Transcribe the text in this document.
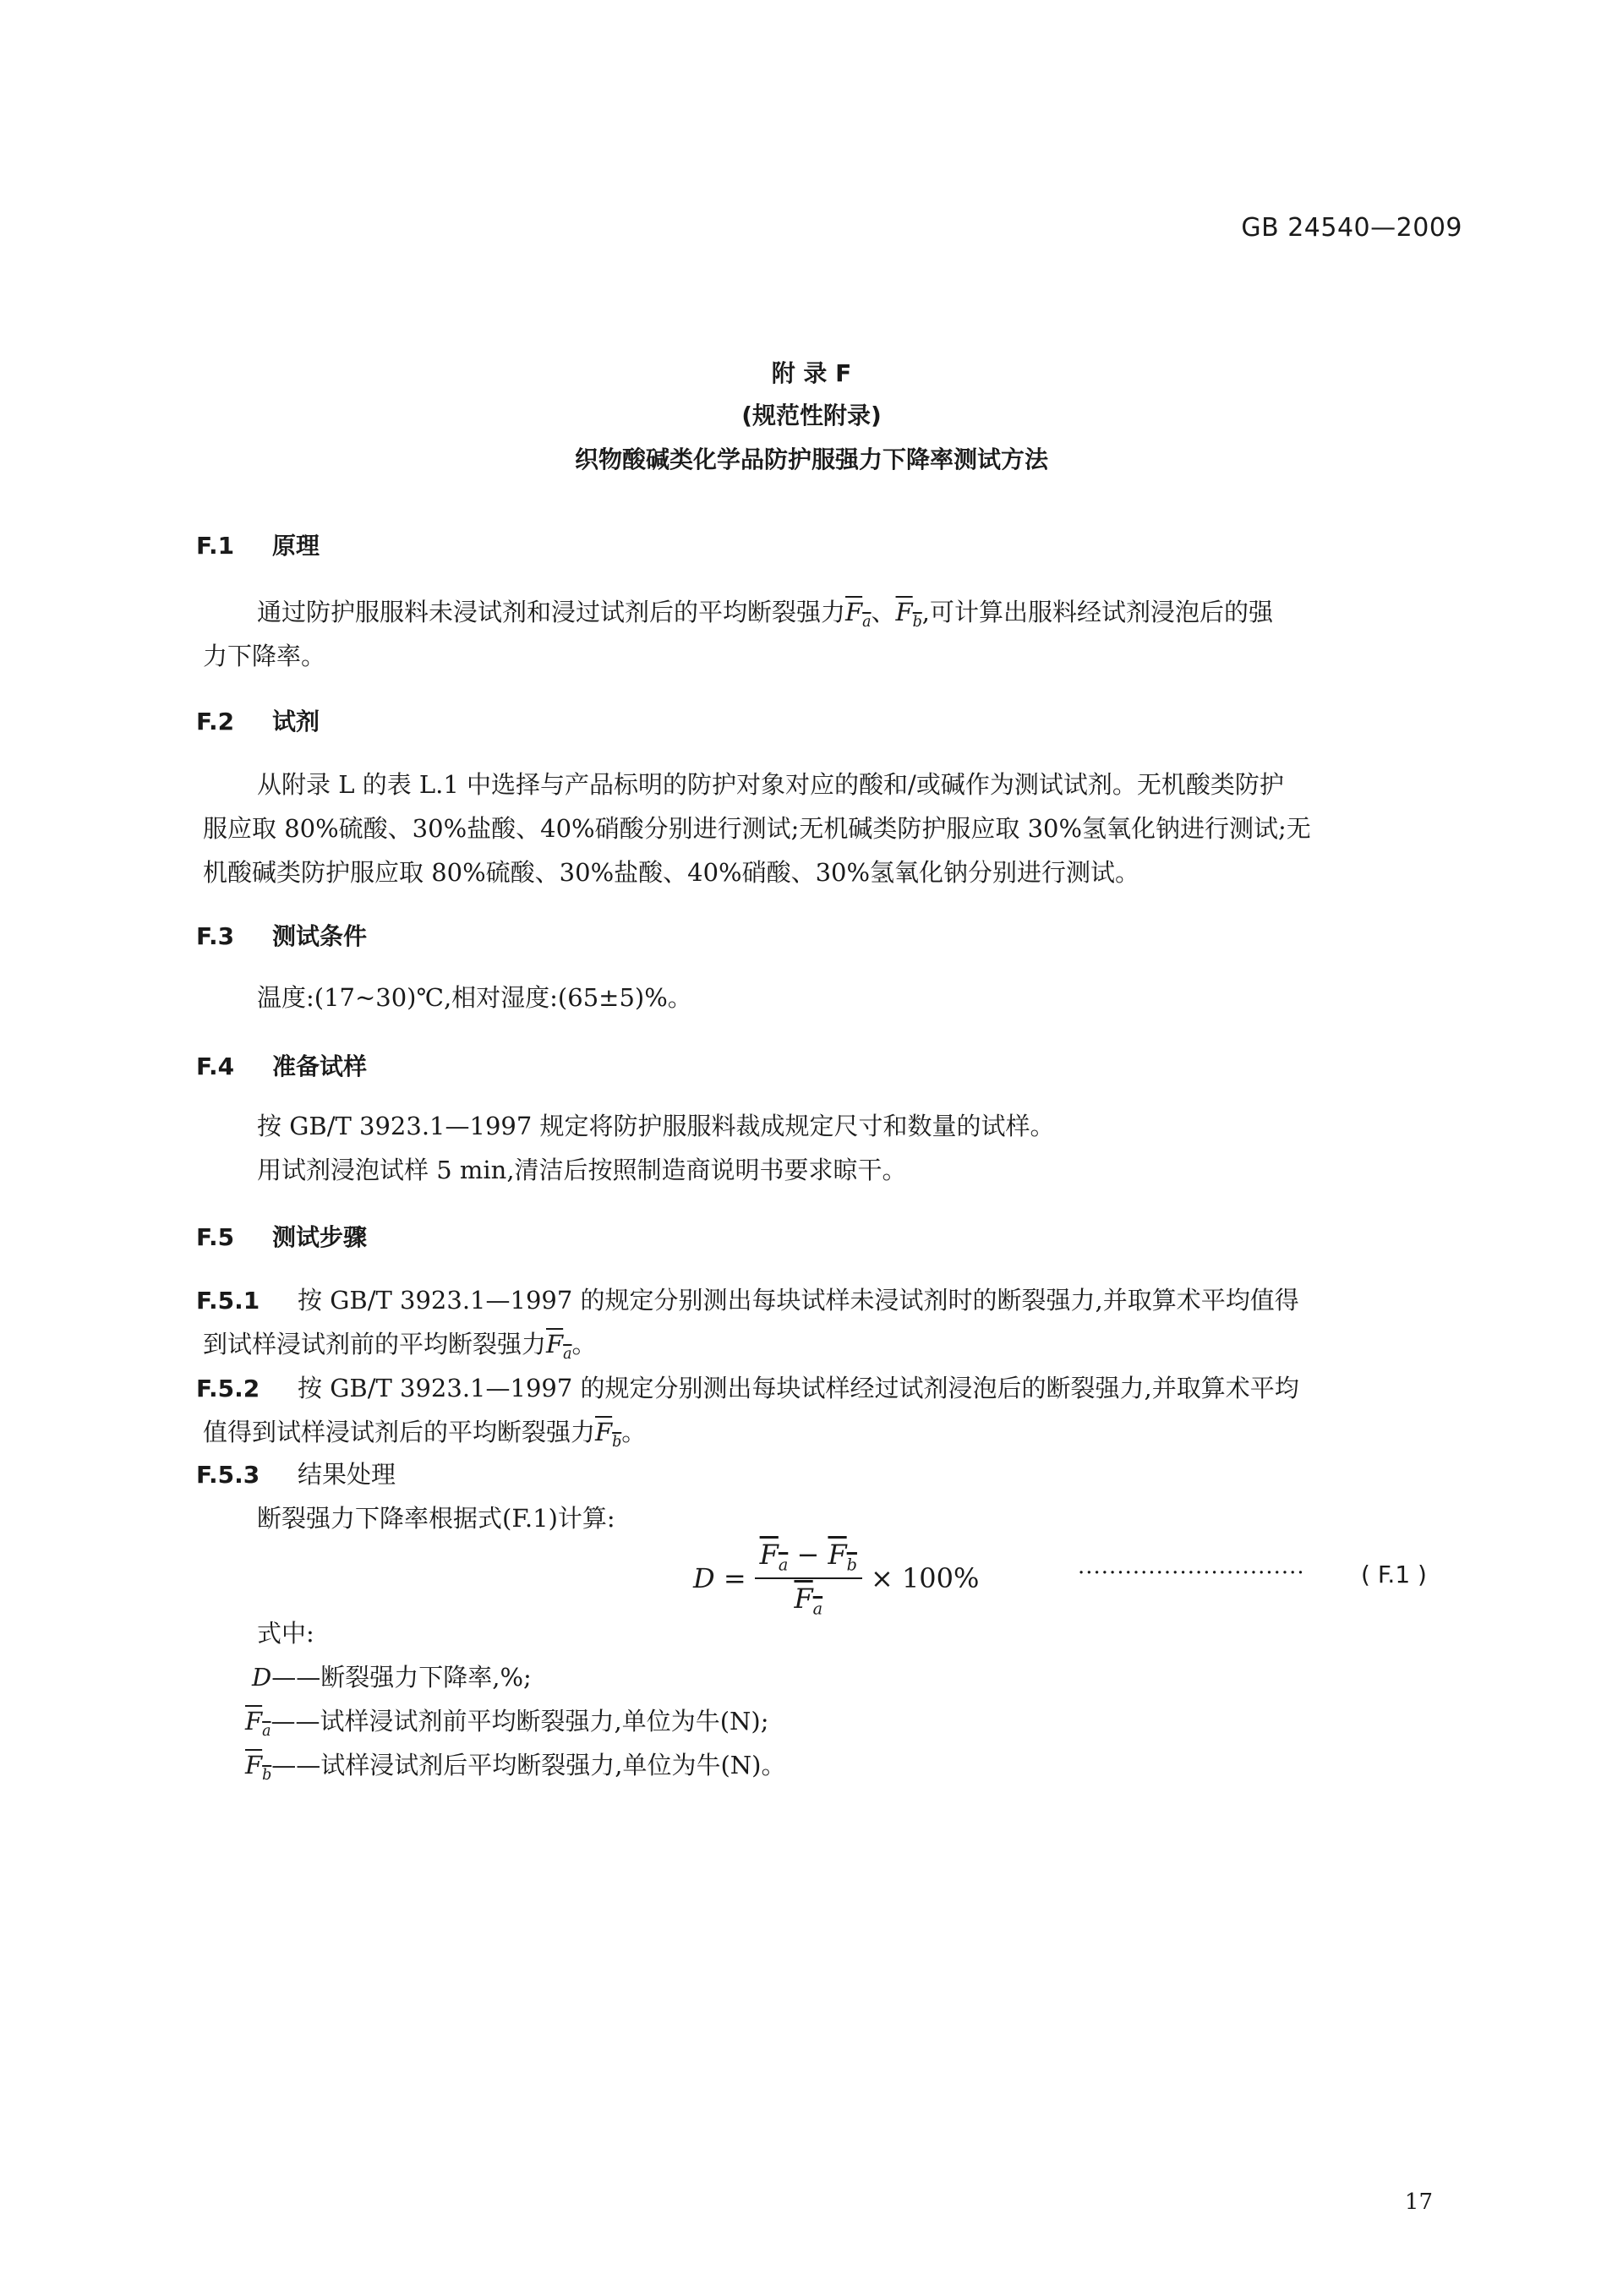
GB 24540—2009
附 录 F
(规范性附录)
织物酸碱类化学品防护服强力下降率测试方法
F.1 原理
通过防护服服料未浸试剂和浸过试剂后的平均断裂强力$F_a$、$F_b$,可计算出服料经试剂浸泡后的强
力下降率。
F.2 试剂
从附录 L 的表 L.1 中选择与产品标明的防护对象对应的酸和/或碱作为测试试剂。无机酸类防护
服应取 80%硫酸、30%盐酸、40%硝酸分别进行测试;无机碱类防护服应取 30%氢氧化钠进行测试;无
机酸碱类防护服应取 80%硫酸、30%盐酸、40%硝酸、30%氢氧化钠分别进行测试。
F.3 测试条件
温度:(17~30)℃,相对湿度:(65±5)%。
F.4 准备试样
按 GB/T 3923.1—1997 规定将防护服服料裁成规定尺寸和数量的试样。
用试剂浸泡试样 5 min,清洁后按照制造商说明书要求晾干。
F.5 测试步骤
F.5.1 按 GB/T 3923.1—1997 的规定分别测出每块试样未浸试剂时的断裂强力,并取算术平均值得
到试样浸试剂前的平均断裂强力$F_a$。
F.5.2 按 GB/T 3923.1—1997 的规定分别测出每块试样经过试剂浸泡后的断裂强力,并取算术平均
值得到试样浸试剂后的平均断裂强力$F_b$。
F.5.3 结果处理
断裂强力下降率根据式(F.1)计算:
$D = \frac{F_a - F_b}{F_a} \times 100\%$	····························· ( F.1 )
式中:
D——断裂强力下降率,%;
$F_a——$试样浸试剂前平均断裂强力,单位为牛(N);
$F_b——$试样浸试剂后平均断裂强力,单位为牛(N)。
17
